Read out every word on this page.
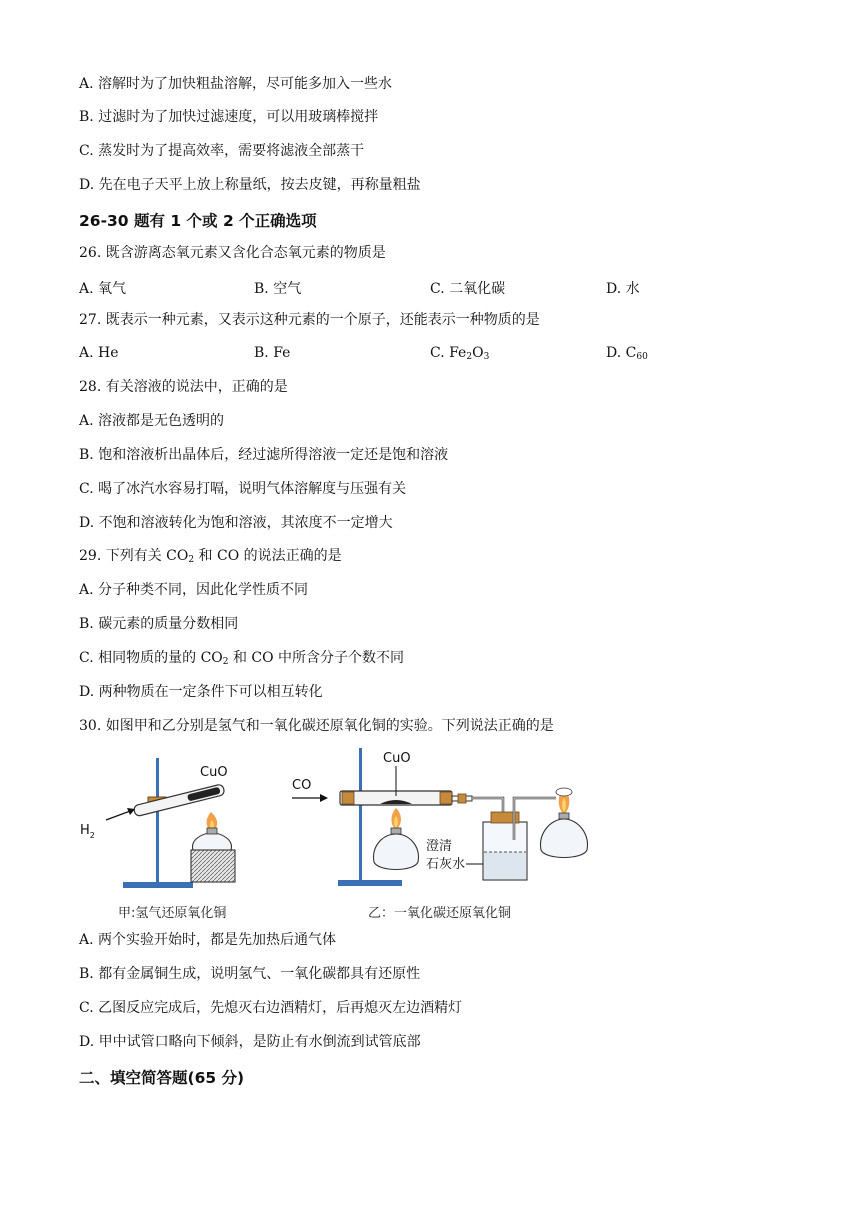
A. 溶解时为了加快粗盐溶解，尽可能多加入一些水
B. 过滤时为了加快过滤速度，可以用玻璃棒搅拌
C. 蒸发时为了提高效率，需要将滤液全部蒸干
D. 先在电子天平上放上称量纸，按去皮键，再称量粗盐
26-30 题有 1 个或 2 个正确选项
26. 既含游离态氧元素又含化合态氧元素的物质是
A. 氧气	B. 空气	C. 二氧化碳	D. 水
27. 既表示一种元素，又表示这种元素的一个原子，还能表示一种物质的是
A. He	B. Fe	C. $Fe_2O_3$	D. $C_{60}$
28. 有关溶液的说法中，正确的是
A. 溶液都是无色透明的
B. 饱和溶液析出晶体后，经过滤所得溶液一定还是饱和溶液
C. 喝了冰汽水容易打嗝，说明气体溶解度与压强有关
D. 不饱和溶液转化为饱和溶液，其浓度不一定增大
29. 下列有关 $CO_2$ 和 CO 的说法正确的是
A. 分子种类不同，因此化学性质不同
B. 碳元素的质量分数相同
C. 相同物质的量的 $CO_2$ 和 CO 中所含分子个数不同
D. 两种物质在一定条件下可以相互转化
30. 如图甲和乙分别是氢气和一氧化碳还原氧化铜的实验。下列说法正确的是
$H_2$
CuO
甲:氢气还原氧化铜
CO
CuO
澄清
石灰水
乙：一氧化碳还原氧化铜
A. 两个实验开始时，都是先加热后通气体
B. 都有金属铜生成，说明氢气、一氧化碳都具有还原性
C. 乙图反应完成后，先熄灭右边酒精灯，后再熄灭左边酒精灯
D. 甲中试管口略向下倾斜，是防止有水倒流到试管底部
二、填空简答题(65 分)
